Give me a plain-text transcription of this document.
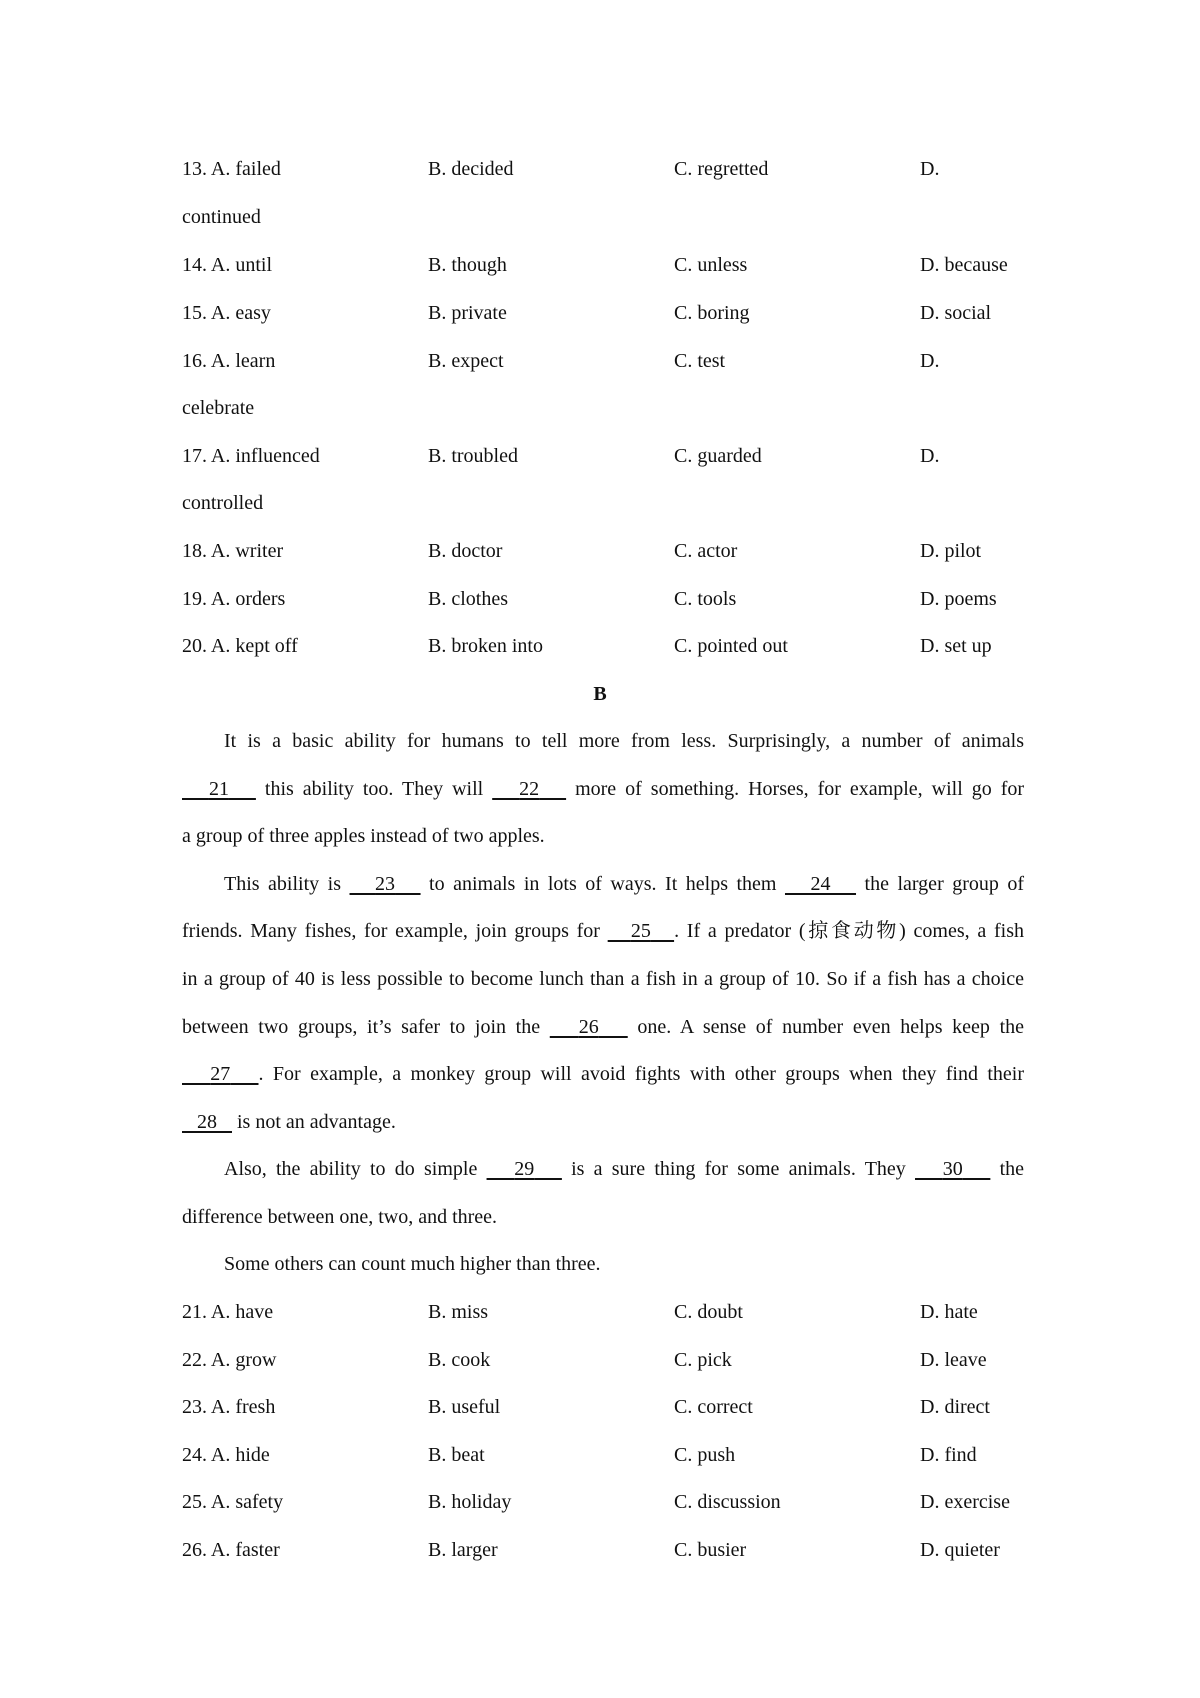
13. A. failed	B. decided	C. regretted	D.
continued
14. A. until	B. though	C. unless	D. because
15. A. easy	B. private	C. boring	D. social
16. A. learn	B. expect	C. test	D.
celebrate
17. A. influenced	B. troubled	C. guarded	D.
controlled
18. A. writer	B. doctor	C. actor	D. pilot
19. A. orders	B. clothes	C. tools	D. poems
20. A. kept off	B. broken into	C. pointed out	D. set up
B
It is a basic ability for humans to tell more from less. Surprisingly, a number of animals
21 this ability too. They will 22 more of something. Horses, for example, will go for
a group of three apples instead of two apples.
This ability is 23 to animals in lots of ways. It helps them 24 the larger group of
friends. Many fishes, for example, join groups for 25 . If a predator (掠食动物) comes, a fish
in a group of 40 is less possible to become lunch than a fish in a group of 10. So if a fish has a choice
between two groups, it’s safer to join the 26 one. A sense of number even helps keep the
27 . For example, a monkey group will avoid fights with other groups when they find their
28 is not an advantage.
Also, the ability to do simple 29 is a sure thing for some animals. They 30 the
difference between one, two, and three.
Some others can count much higher than three.
21. A. have	B. miss	C. doubt	D. hate
22. A. grow	B. cook	C. pick	D. leave
23. A. fresh	B. useful	C. correct	D. direct
24. A. hide	B. beat	C. push	D. find
25. A. safety	B. holiday	C. discussion	D. exercise
26. A. faster	B. larger	C. busier	D. quieter
